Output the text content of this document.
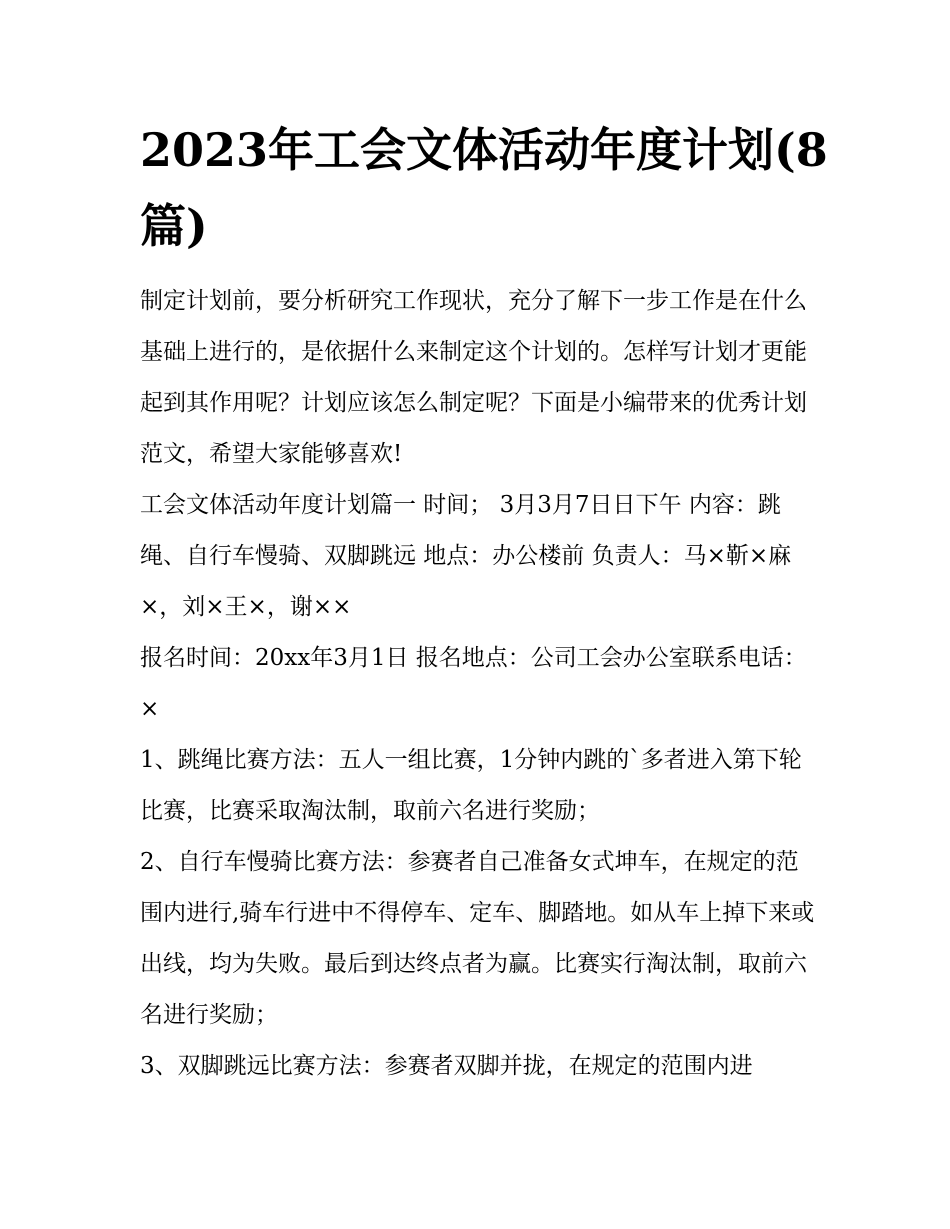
2023年工会文体活动年度计划(8篇)

制定计划前，要分析研究工作现状，充分了解下一步工作是在什么基础上进行的，是依据什么来制定这个计划的。怎样写计划才更能起到其作用呢？计划应该怎么制定呢？下面是小编带来的优秀计划范文，希望大家能够喜欢!

工会文体活动年度计划篇一 时间； 3月3月7日日下午 内容：跳绳、自行车慢骑、双脚跳远 地点：办公楼前 负责人：马×靳×麻×，刘×王×，谢××

报名时间：20xx年3月1日 报名地点：公司工会办公室联系电话：×

1、跳绳比赛方法：五人一组比赛，1分钟内跳的`多者进入第下轮比赛，比赛采取淘汰制，取前六名进行奖励；

2、自行车慢骑比赛方法：参赛者自己准备女式坤车，在规定的范围内进行,骑车行进中不得停车、定车、脚踏地。如从车上掉下来或出线，均为失败。最后到达终点者为赢。比赛实行淘汰制，取前六名进行奖励；

3、双脚跳远比赛方法：参赛者双脚并拢，在规定的范围内进
